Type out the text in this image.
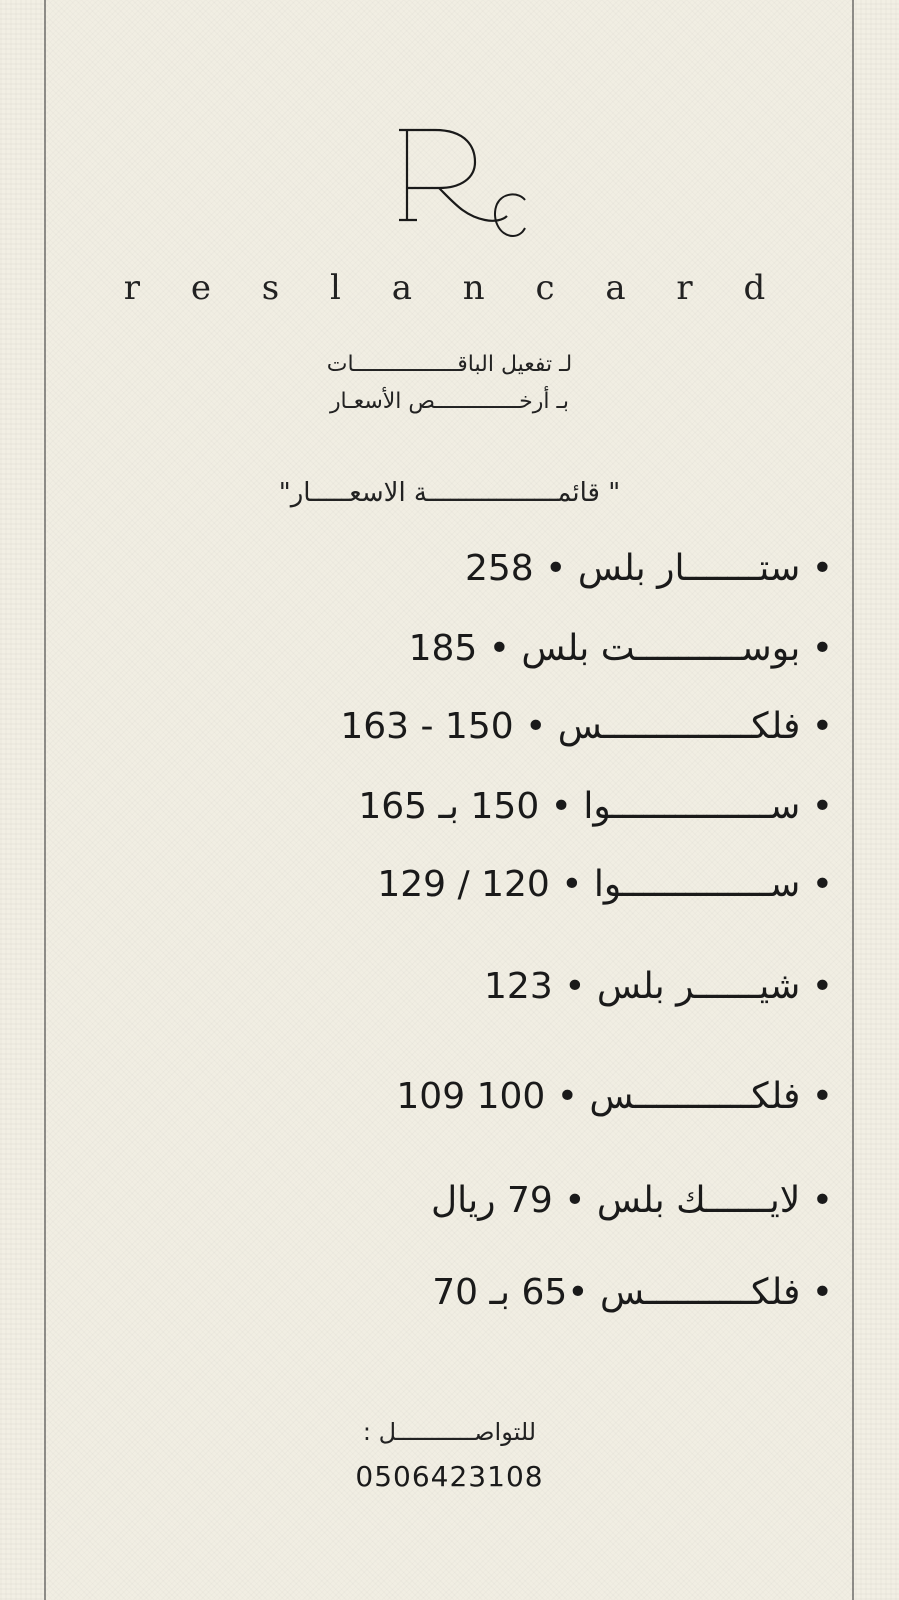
r e s l a n c a r d
لـ تفعيل الباقــــــــــــــــات
بـ أرخـــــــــــــص الأسعـار
" قائمـــــــــــــــــة الاسعـــــار"
• ستـــــــار بلس • 258
• بوســــــــــت بلس • 185
• فلكــــــــــــــس • 150 - 163
• ســـــــــــــــوا • 150 بـ 165
• ســــــــــــــوا • 120 / 129
• شيــــــر بلس • 123
• فلكـــــــــــس • 100 109
• لايــــــك بلس • 79 ريال
• فلكــــــــــس •65 بـ 70
للتواصـــــــــــل :
0506423108
